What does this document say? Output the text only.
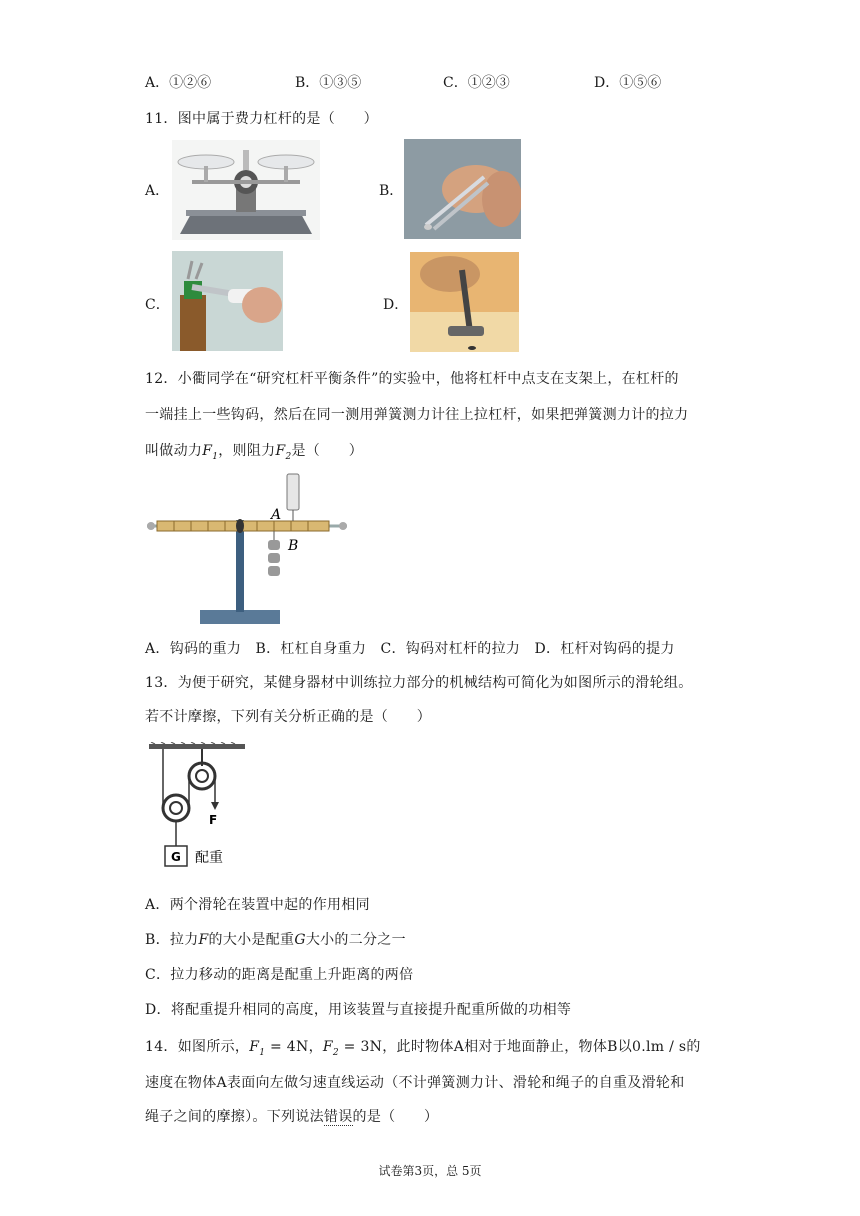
A．①②⑥	B．①③⑤	C．①②③	D．①⑤⑥
11．图中属于费力杠杆的是（　　）
A．	B．
C．	D．
12．小衢同学在“研究杠杆平衡条件”的实验中，他将杠杆中点支在支架上，在杠杆的
一端挂上一些钩码，然后在同一测用弹簧测力计往上拉杠杆，如果把弹簧测力计的拉力
叫做动力$F_1$，则阻力$F_2$是（　　）
A
B
A．钩码的重力　B．杠杠自身重力　C．钩码对杠杆的拉力　D．杠杆对钩码的提力
13．为便于研究，某健身器材中训练拉力部分的机械结构可简化为如图所示的滑轮组。
若不计摩擦，下列有关分析正确的是（　　）
F
G 配重
A．两个滑轮在装置中起的作用相同
B．拉力F的大小是配重G大小的二分之一
C．拉力移动的距离是配重上升距离的两倍
D．将配重提升相同的高度，用该装置与直接提升配重所做的功相等
14．如图所示，$F_1 = 4N$，$F_2 = 3N$，此时物体A相对于地面静止，物体B以0.lm / s的
速度在物体A表面向左做匀速直线运动（不计弹簧测力计、滑轮和绳子的自重及滑轮和
绳子之间的摩擦）。下列说法错误的是（　　）
试卷第3页，总 5页
